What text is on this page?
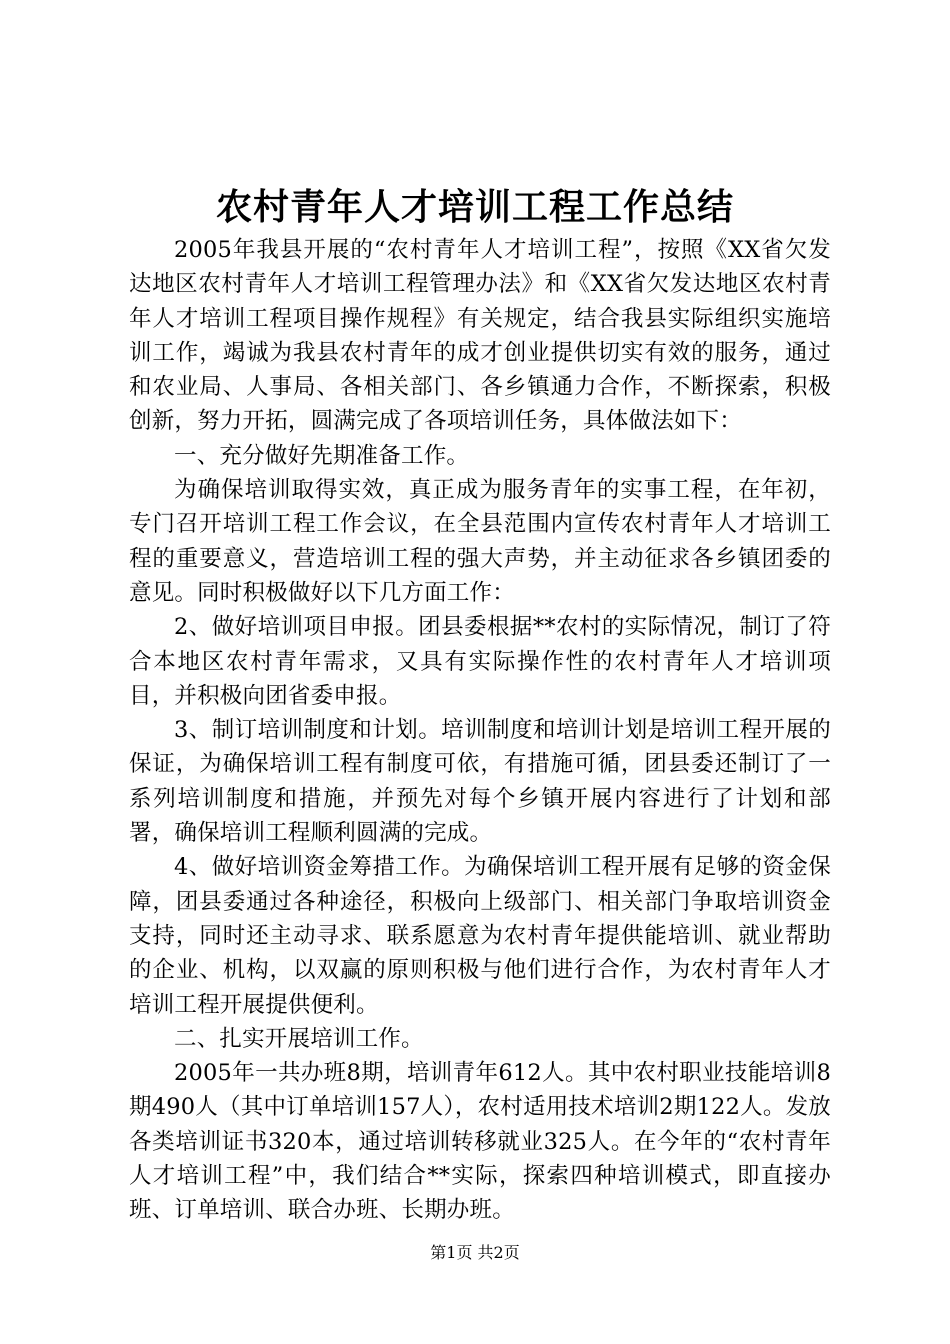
农村青年人才培训工程工作总结

2005年我县开展的“农村青年人才培训工程”，按照《XX省欠发达地区农村青年人才培训工程管理办法》和《XX省欠发达地区农村青年人才培训工程项目操作规程》有关规定，结合我县实际组织实施培训工作，竭诚为我县农村青年的成才创业提供切实有效的服务，通过和农业局、人事局、各相关部门、各乡镇通力合作，不断探索，积极创新，努力开拓，圆满完成了各项培训任务，具体做法如下：

一、充分做好先期准备工作。

为确保培训取得实效，真正成为服务青年的实事工程，在年初，专门召开培训工程工作会议，在全县范围内宣传农村青年人才培训工程的重要意义，营造培训工程的强大声势，并主动征求各乡镇团委的意见。同时积极做好以下几方面工作：

2、做好培训项目申报。团县委根据**农村的实际情况，制订了符合本地区农村青年需求，又具有实际操作性的农村青年人才培训项目，并积极向团省委申报。

3、制订培训制度和计划。培训制度和培训计划是培训工程开展的保证，为确保培训工程有制度可依，有措施可循，团县委还制订了一系列培训制度和措施，并预先对每个乡镇开展内容进行了计划和部署，确保培训工程顺利圆满的完成。

4、做好培训资金筹措工作。为确保培训工程开展有足够的资金保障，团县委通过各种途径，积极向上级部门、相关部门争取培训资金支持，同时还主动寻求、联系愿意为农村青年提供能培训、就业帮助的企业、机构，以双赢的原则积极与他们进行合作，为农村青年人才培训工程开展提供便利。

二、扎实开展培训工作。

2005年一共办班8期，培训青年612人。其中农村职业技能培训8期490人（其中订单培训157人），农村适用技术培训2期122人。发放各类培训证书320本，通过培训转移就业325人。在今年的“农村青年人才培训工程”中，我们结合**实际，探索四种培训模式，即直接办班、订单培训、联合办班、长期办班。

第1页 共2页
